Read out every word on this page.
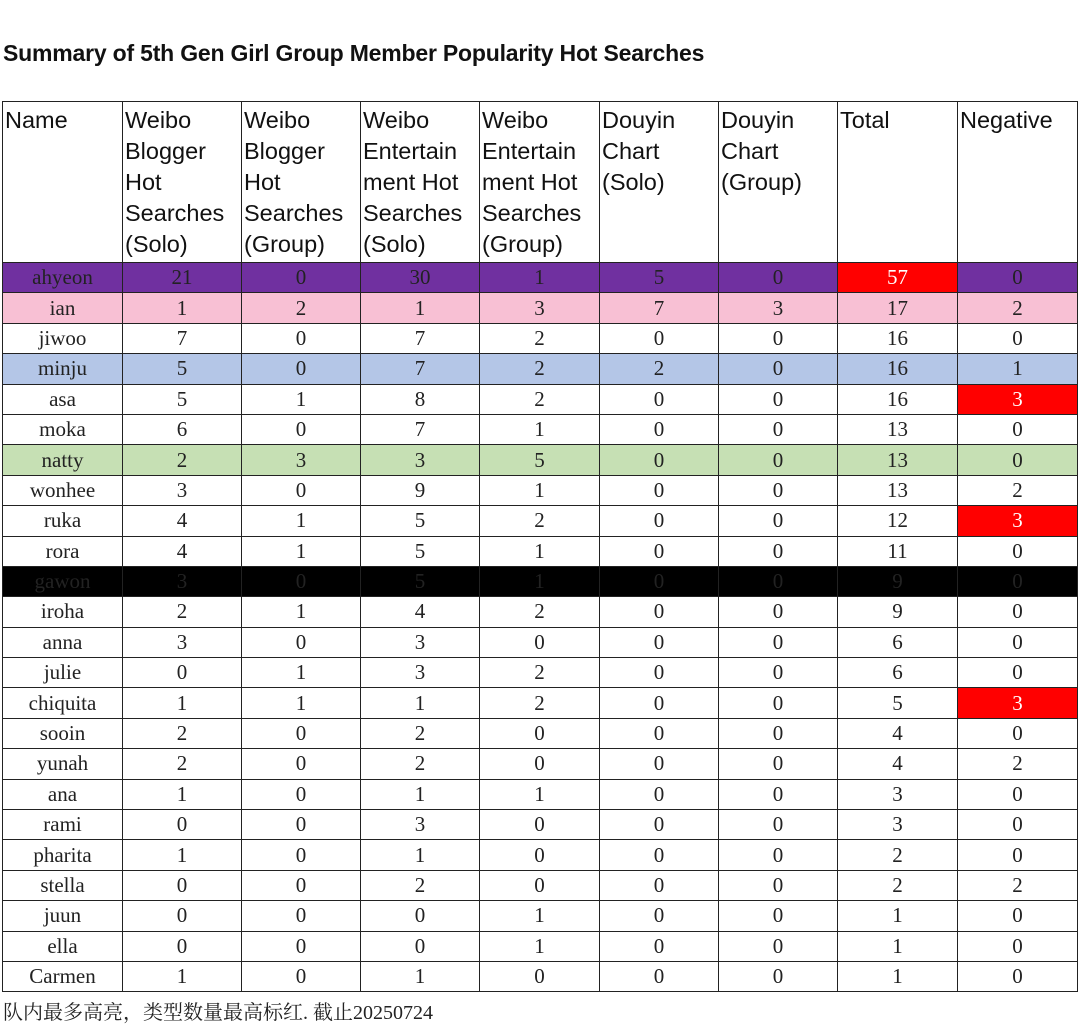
Summary of 5th Gen Girl Group Member Popularity Hot Searches
Name	Weibo Blogger Hot Searches (Solo)	Weibo Blogger Hot Searches (Group)	Weibo Entertain ment Hot Searches (Solo)	Weibo Entertain ment Hot Searches (Group)	Douyin Chart (Solo)	Douyin Chart (Group)	Total	Negative
ahyeon	21	0	30	1	5	0	57	0
ian	1	2	1	3	7	3	17	2
jiwoo	7	0	7	2	0	0	16	0
minju	5	0	7	2	2	0	16	1
asa	5	1	8	2	0	0	16	3
moka	6	0	7	1	0	0	13	0
natty	2	3	3	5	0	0	13	0
wonhee	3	0	9	1	0	0	13	2
ruka	4	1	5	2	0	0	12	3
rora	4	1	5	1	0	0	11	0
gawon	3	0	5	1	0	0	9	0
iroha	2	1	4	2	0	0	9	0
anna	3	0	3	0	0	0	6	0
julie	0	1	3	2	0	0	6	0
chiquita	1	1	1	2	0	0	5	3
sooin	2	0	2	0	0	0	4	0
yunah	2	0	2	0	0	0	4	2
ana	1	0	1	1	0	0	3	0
rami	0	0	3	0	0	0	3	0
pharita	1	0	1	0	0	0	2	0
stella	0	0	2	0	0	0	2	2
juun	0	0	0	1	0	0	1	0
ella	0	0	0	1	0	0	1	0
Carmen	1	0	1	0	0	0	1	0
队内最多高亮，类型数量最高标红. 截止20250724
